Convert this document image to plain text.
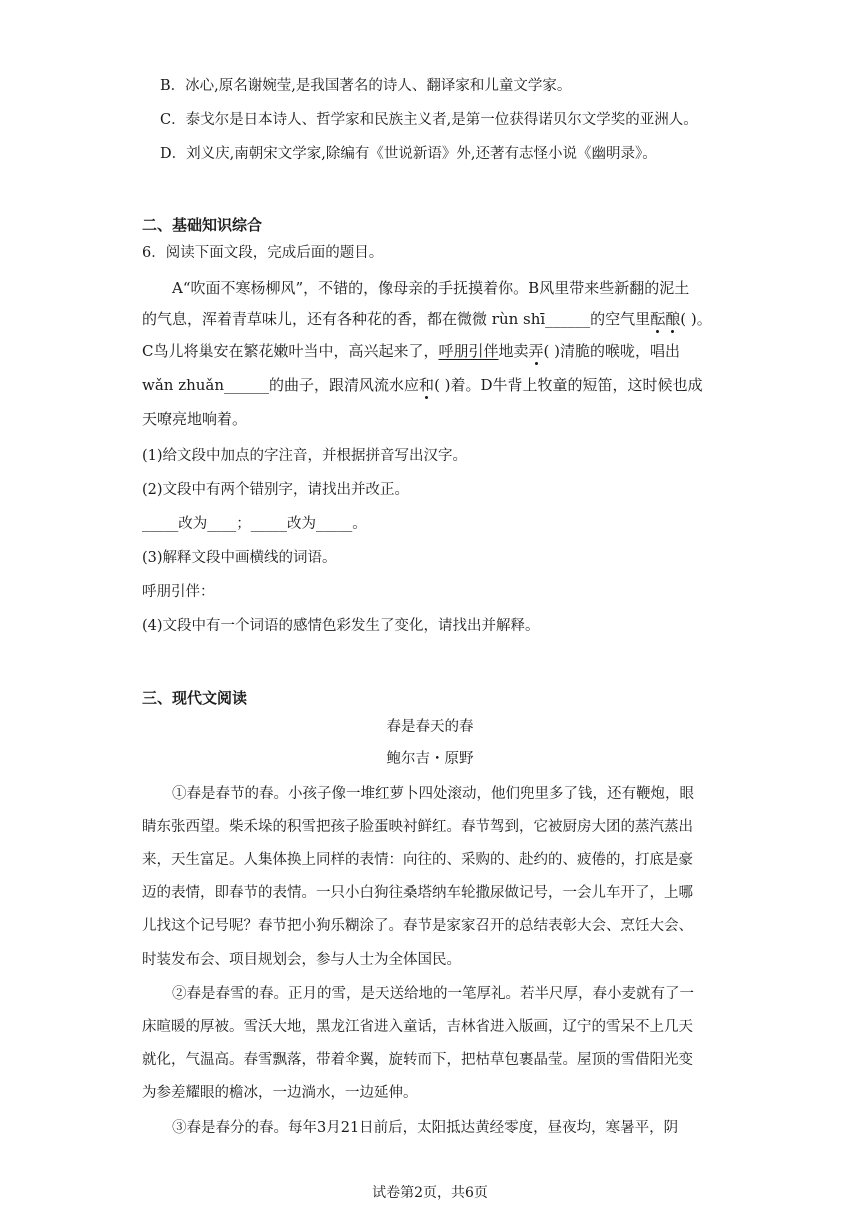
B．冰心,原名谢婉莹,是我国著名的诗人、翻译家和儿童文学家。
C．泰戈尔是日本诗人、哲学家和民族主义者,是第一位获得诺贝尔文学奖的亚洲人。
D．刘义庆,南朝宋文学家,除编有《世说新语》外,还著有志怪小说《幽明录》。
二、基础知识综合
6．阅读下面文段，完成后面的题目。
A“吹面不寒杨柳风”，不错的，像母亲的手抚摸着你。B风里带来些新翻的泥土
的气息，浑着青草味儿，还有各种花的香，都在微微 rùn shī______的空气里酝酿( )。
C鸟儿将巢安在繁花嫩叶当中，高兴起来了，呼朋引伴地卖弄( )清脆的喉咙，唱出
wǎn zhuǎn______的曲子，跟清风流水应和( )着。D牛背上牧童的短笛，这时候也成
天嘹亮地响着。
(1)给文段中加点的字注音，并根据拼音写出汉字。
(2)文段中有两个错别字，请找出并改正。
_____改为____；_____改为_____。
(3)解释文段中画横线的词语。
呼朋引伴：
(4)文段中有一个词语的感情色彩发生了变化，请找出并解释。
三、现代文阅读
春是春天的春
鲍尔吉・原野
①春是春节的春。小孩子像一堆红萝卜四处滚动，他们兜里多了钱，还有鞭炮，眼
睛东张西望。柴禾垛的积雪把孩子脸蛋映衬鲜红。春节驾到，它被厨房大团的蒸汽蒸出
来，天生富足。人集体换上同样的表情：向往的、采购的、赴约的、疲倦的，打底是豪
迈的表情，即春节的表情。一只小白狗往桑塔纳车轮撒尿做记号，一会儿车开了，上哪
儿找这个记号呢？春节把小狗乐糊涂了。春节是家家召开的总结表彰大会、烹饪大会、
时装发布会、项目规划会，参与人士为全体国民。
②春是春雪的春。正月的雪，是天送给地的一笔厚礼。若半尺厚，春小麦就有了一
床暄暖的厚被。雪沃大地，黑龙江省进入童话，吉林省进入版画，辽宁的雪呆不上几天
就化，气温高。春雪飘落，带着伞翼，旋转而下，把枯草包裹晶莹。屋顶的雪借阳光变
为参差耀眼的檐冰，一边淌水，一边延伸。
③春是春分的春。每年3月21日前后，太阳抵达黄经零度，昼夜均，寒暑平，阴
试卷第2页，共6页
